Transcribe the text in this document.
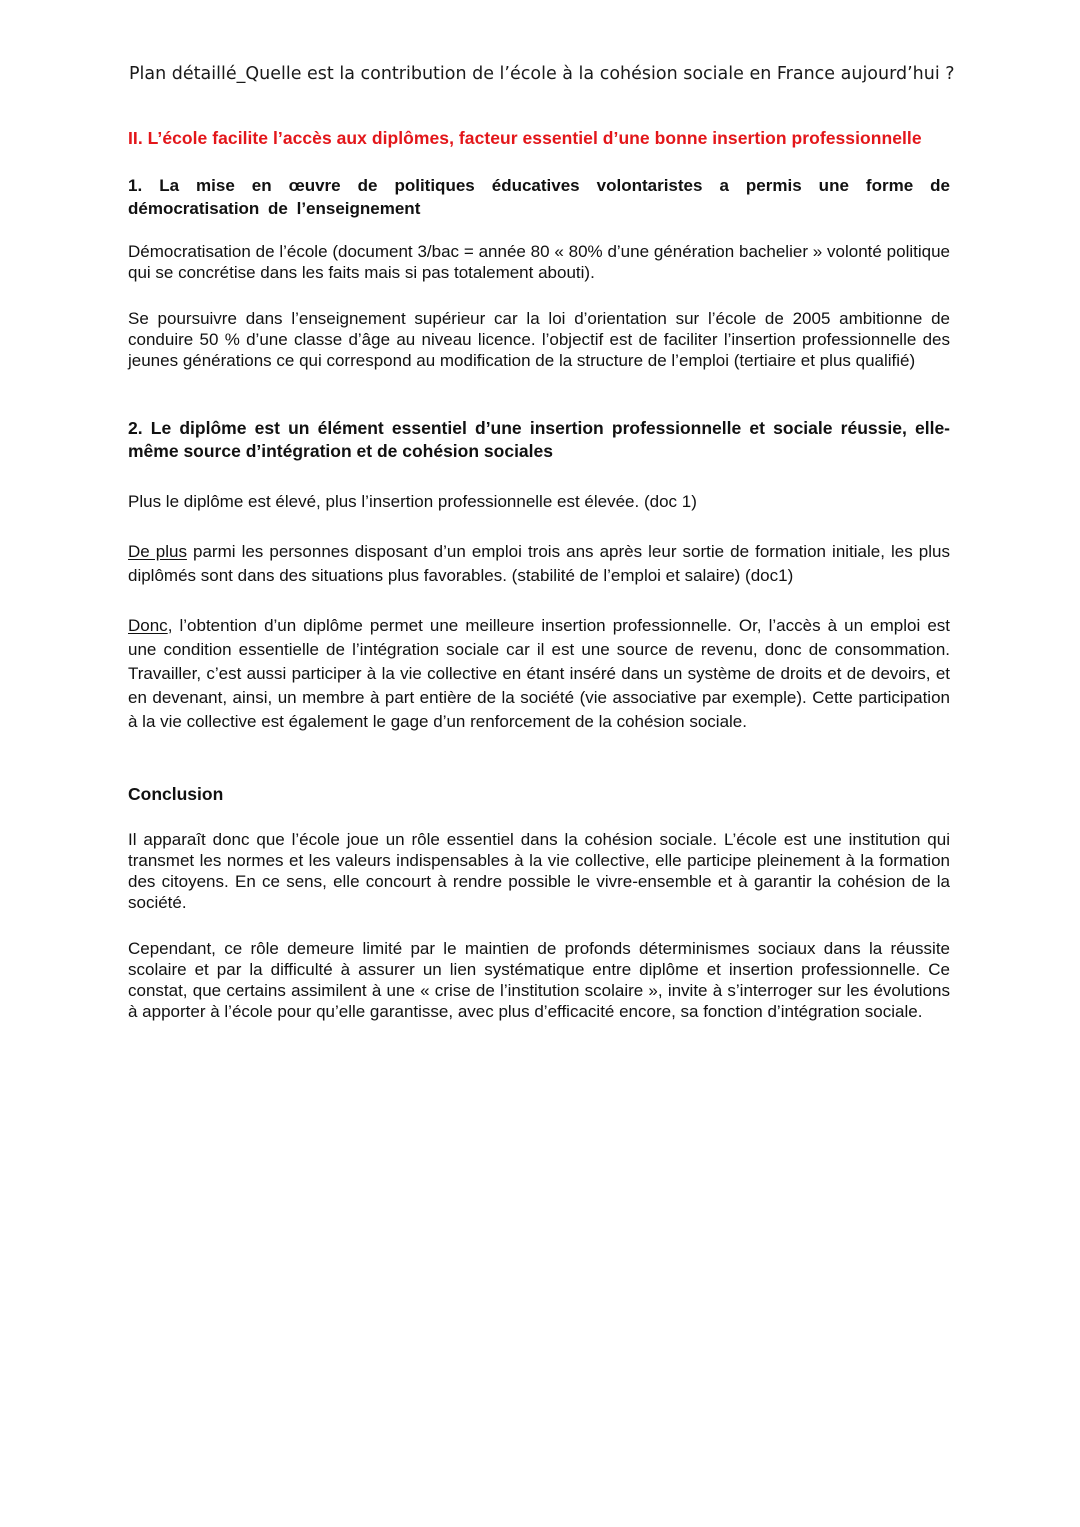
Plan détaillé_Quelle est la contribution de l’école à la cohésion sociale en France aujourd’hui ?
II. L’école facilite l’accès aux diplômes, facteur essentiel d’une bonne insertion professionnelle
1. La mise en œuvre de politiques éducatives volontaristes a permis une forme de démocratisation de l’enseignement
Démocratisation de l’école (document 3/bac = année 80 « 80% d’une génération bachelier » volonté politique qui se concrétise dans les faits mais si pas totalement abouti).
Se poursuivre dans l’enseignement supérieur car la loi d’orientation sur l’école de 2005 ambitionne de conduire 50 % d’une classe d’âge au niveau licence. l’objectif est de faciliter l’insertion professionnelle des jeunes générations ce qui correspond au modification de la structure de l’emploi (tertiaire et plus qualifié)
2. Le diplôme est un élément essentiel d’une insertion professionnelle et sociale réussie, elle-même source d’intégration et de cohésion sociales
Plus le diplôme est élevé, plus l’insertion professionnelle est élevée. (doc 1)
De plus parmi les personnes disposant d’un emploi trois ans après leur sortie de formation initiale, les plus diplômés sont dans des situations plus favorables. (stabilité de l’emploi et salaire) (doc1)
Donc, l’obtention d’un diplôme permet une meilleure insertion professionnelle. Or, l’accès à un emploi est une condition essentielle de l’intégration sociale car il est une source de revenu, donc de consommation. Travailler, c’est aussi participer à la vie collective en étant inséré dans un système de droits et de devoirs, et en devenant, ainsi, un membre à part entière de la société (vie associative par exemple). Cette participation à la vie collective est également le gage d’un renforcement de la cohésion sociale.
Conclusion
Il apparaît donc que l’école joue un rôle essentiel dans la cohésion sociale. L’école est une institution qui transmet les normes et les valeurs indispensables à la vie collective, elle participe pleinement à la formation des citoyens. En ce sens, elle concourt à rendre possible le vivre-ensemble et à garantir la cohésion de la société.
Cependant, ce rôle demeure limité par le maintien de profonds déterminismes sociaux dans la réussite scolaire et par la difficulté à assurer un lien systématique entre diplôme et insertion professionnelle. Ce constat, que certains assimilent à une « crise de l’institution scolaire », invite à s’interroger sur les évolutions à apporter à l’école pour qu’elle garantisse, avec plus d’efficacité encore, sa fonction d’intégration sociale.
